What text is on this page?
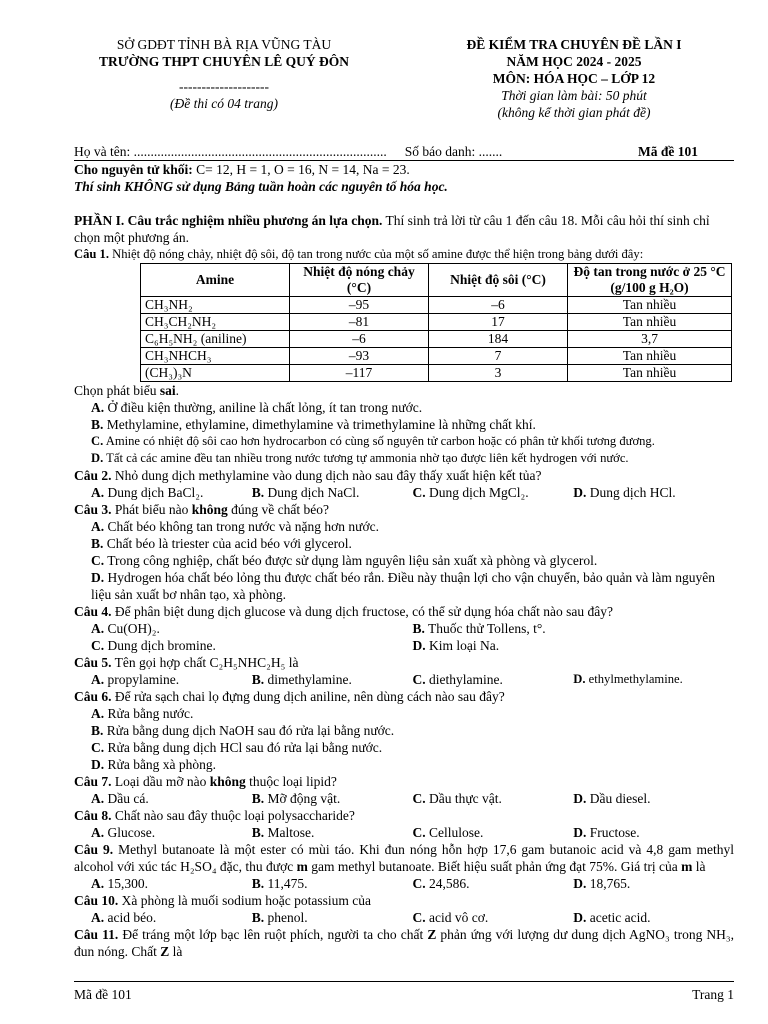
SỞ GDĐT TỈNH BÀ RỊA VŨNG TÀU
TRƯỜNG THPT CHUYÊN LÊ QUÝ ĐÔN
--------------------
(Đề thi có 04 trang)
ĐỀ KIỂM TRA CHUYÊN ĐỀ LẦN I
NĂM HỌC 2024 - 2025
MÔN: HÓA HỌC – LỚP 12
Thời gian làm bài: 50 phút
(không kể thời gian phát đề)
Họ và tên: ........................................................................... Số báo danh: .......	Mã đề 101
Cho nguyên tử khối: C= 12, H = 1, O = 16, N = 14, Na = 23.
Thí sinh KHÔNG sử dụng Bảng tuần hoàn các nguyên tố hóa học.
PHẦN I. Câu trắc nghiệm nhiều phương án lựa chọn. Thí sinh trả lời từ câu 1 đến câu 18. Mỗi câu hỏi thí sinh chỉ chọn một phương án.
Câu 1. Nhiệt độ nóng chảy, nhiệt độ sôi, độ tan trong nước của một số amine được thể hiện trong bảng dưới đây:
Amine	Nhiệt độ nóng chảy (°C)	Nhiệt độ sôi (°C)	Độ tan trong nước ở 25 °C (g/100 g H₂O)
CH₃NH₂	–95	–6	Tan nhiều
CH₃CH₂NH₂	–81	17	Tan nhiều
C₆H₅NH₂ (aniline)	–6	184	3,7
CH₃NHCH₃	–93	7	Tan nhiều
(CH₃)₃N	–117	3	Tan nhiều
Chọn phát biểu sai.
A. Ở điều kiện thường, aniline là chất lỏng, ít tan trong nước.
B. Methylamine, ethylamine, dimethylamine và trimethylamine là những chất khí.
C. Amine có nhiệt độ sôi cao hơn hydrocarbon có cùng số nguyên tử carbon hoặc có phân tử khối tương đương.
D. Tất cả các amine đều tan nhiều trong nước tương tự ammonia nhờ tạo được liên kết hydrogen với nước.
Câu 2. Nhỏ dung dịch methylamine vào dung dịch nào sau đây thấy xuất hiện kết tủa?
A. Dung dịch BaCl₂.	B. Dung dịch NaCl.	C. Dung dịch MgCl₂.	D. Dung dịch HCl.
Câu 3. Phát biểu nào không đúng về chất béo?
A. Chất béo không tan trong nước và nặng hơn nước.
B. Chất béo là triester của acid béo với glycerol.
C. Trong công nghiệp, chất béo được sử dụng làm nguyên liệu sản xuất xà phòng và glycerol.
D. Hydrogen hóa chất béo lỏng thu được chất béo rắn. Điều này thuận lợi cho vận chuyển, bảo quản và làm nguyên liệu sản xuất bơ nhân tạo, xà phòng.
Câu 4. Để phân biệt dung dịch glucose và dung dịch fructose, có thể sử dụng hóa chất nào sau đây?
A. Cu(OH)₂.	B. Thuốc thử Tollens, t°.
C. Dung dịch bromine.	D. Kim loại Na.
Câu 5. Tên gọi hợp chất C₂H₅NHC₂H₅ là
A. propylamine.	B. dimethylamine.	C. diethylamine.	D. ethylmethylamine.
Câu 6. Để rửa sạch chai lọ đựng dung dịch aniline, nên dùng cách nào sau đây?
A. Rửa bằng nước.
B. Rửa bằng dung dịch NaOH sau đó rửa lại bằng nước.
C. Rửa bằng dung dịch HCl sau đó rửa lại bằng nước.
D. Rửa bằng xà phòng.
Câu 7. Loại dầu mỡ nào không thuộc loại lipid?
A. Dầu cá.	B. Mỡ động vật.	C. Dầu thực vật.	D. Dầu diesel.
Câu 8. Chất nào sau đây thuộc loại polysaccharide?
A. Glucose.	B. Maltose.	C. Cellulose.	D. Fructose.
Câu 9. Methyl butanoate là một ester có mùi táo. Khi đun nóng hỗn hợp 17,6 gam butanoic acid và 4,8 gam methyl alcohol với xúc tác H₂SO₄ đặc, thu được m gam methyl butanoate. Biết hiệu suất phản ứng đạt 75%. Giá trị của m là
A. 15,300.	B. 11,475.	C. 24,586.	D. 18,765.
Câu 10. Xà phòng là muối sodium hoặc potassium của
A. acid béo.	B. phenol.	C. acid vô cơ.	D. acetic acid.
Câu 11. Để tráng một lớp bạc lên ruột phích, người ta cho chất Z phản ứng với lượng dư dung dịch AgNO₃ trong NH₃, đun nóng. Chất Z là
Mã đề 101	Trang 1
